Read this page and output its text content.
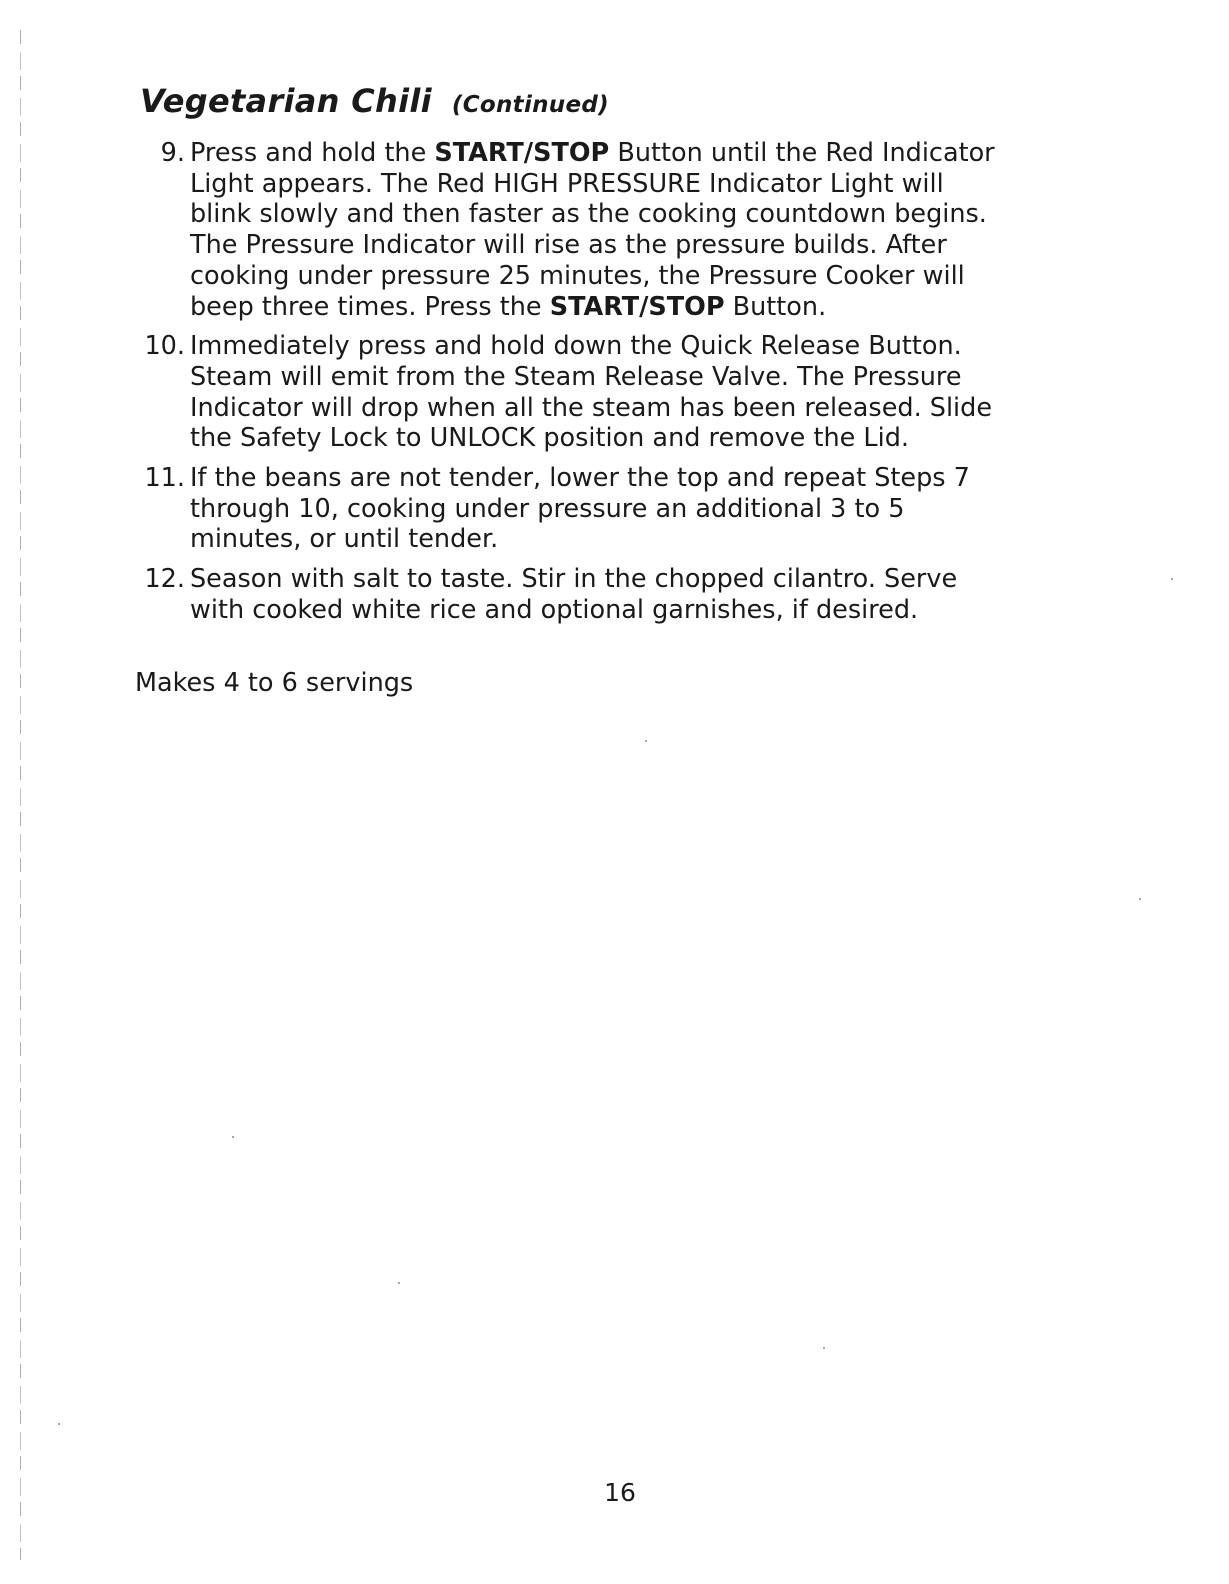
Vegetarian Chili (Continued)
9. Press and hold the START/STOP Button until the Red Indicator
Light appears. The Red HIGH PRESSURE Indicator Light will
blink slowly and then faster as the cooking countdown begins.
The Pressure Indicator will rise as the pressure builds. After
cooking under pressure 25 minutes, the Pressure Cooker will
beep three times. Press the START/STOP Button.
10. Immediately press and hold down the Quick Release Button.
Steam will emit from the Steam Release Valve. The Pressure
Indicator will drop when all the steam has been released. Slide
the Safety Lock to UNLOCK position and remove the Lid.
11. If the beans are not tender, lower the top and repeat Steps 7
through 10, cooking under pressure an additional 3 to 5
minutes, or until tender.
12. Season with salt to taste. Stir in the chopped cilantro. Serve
with cooked white rice and optional garnishes, if desired.
Makes 4 to 6 servings
16
